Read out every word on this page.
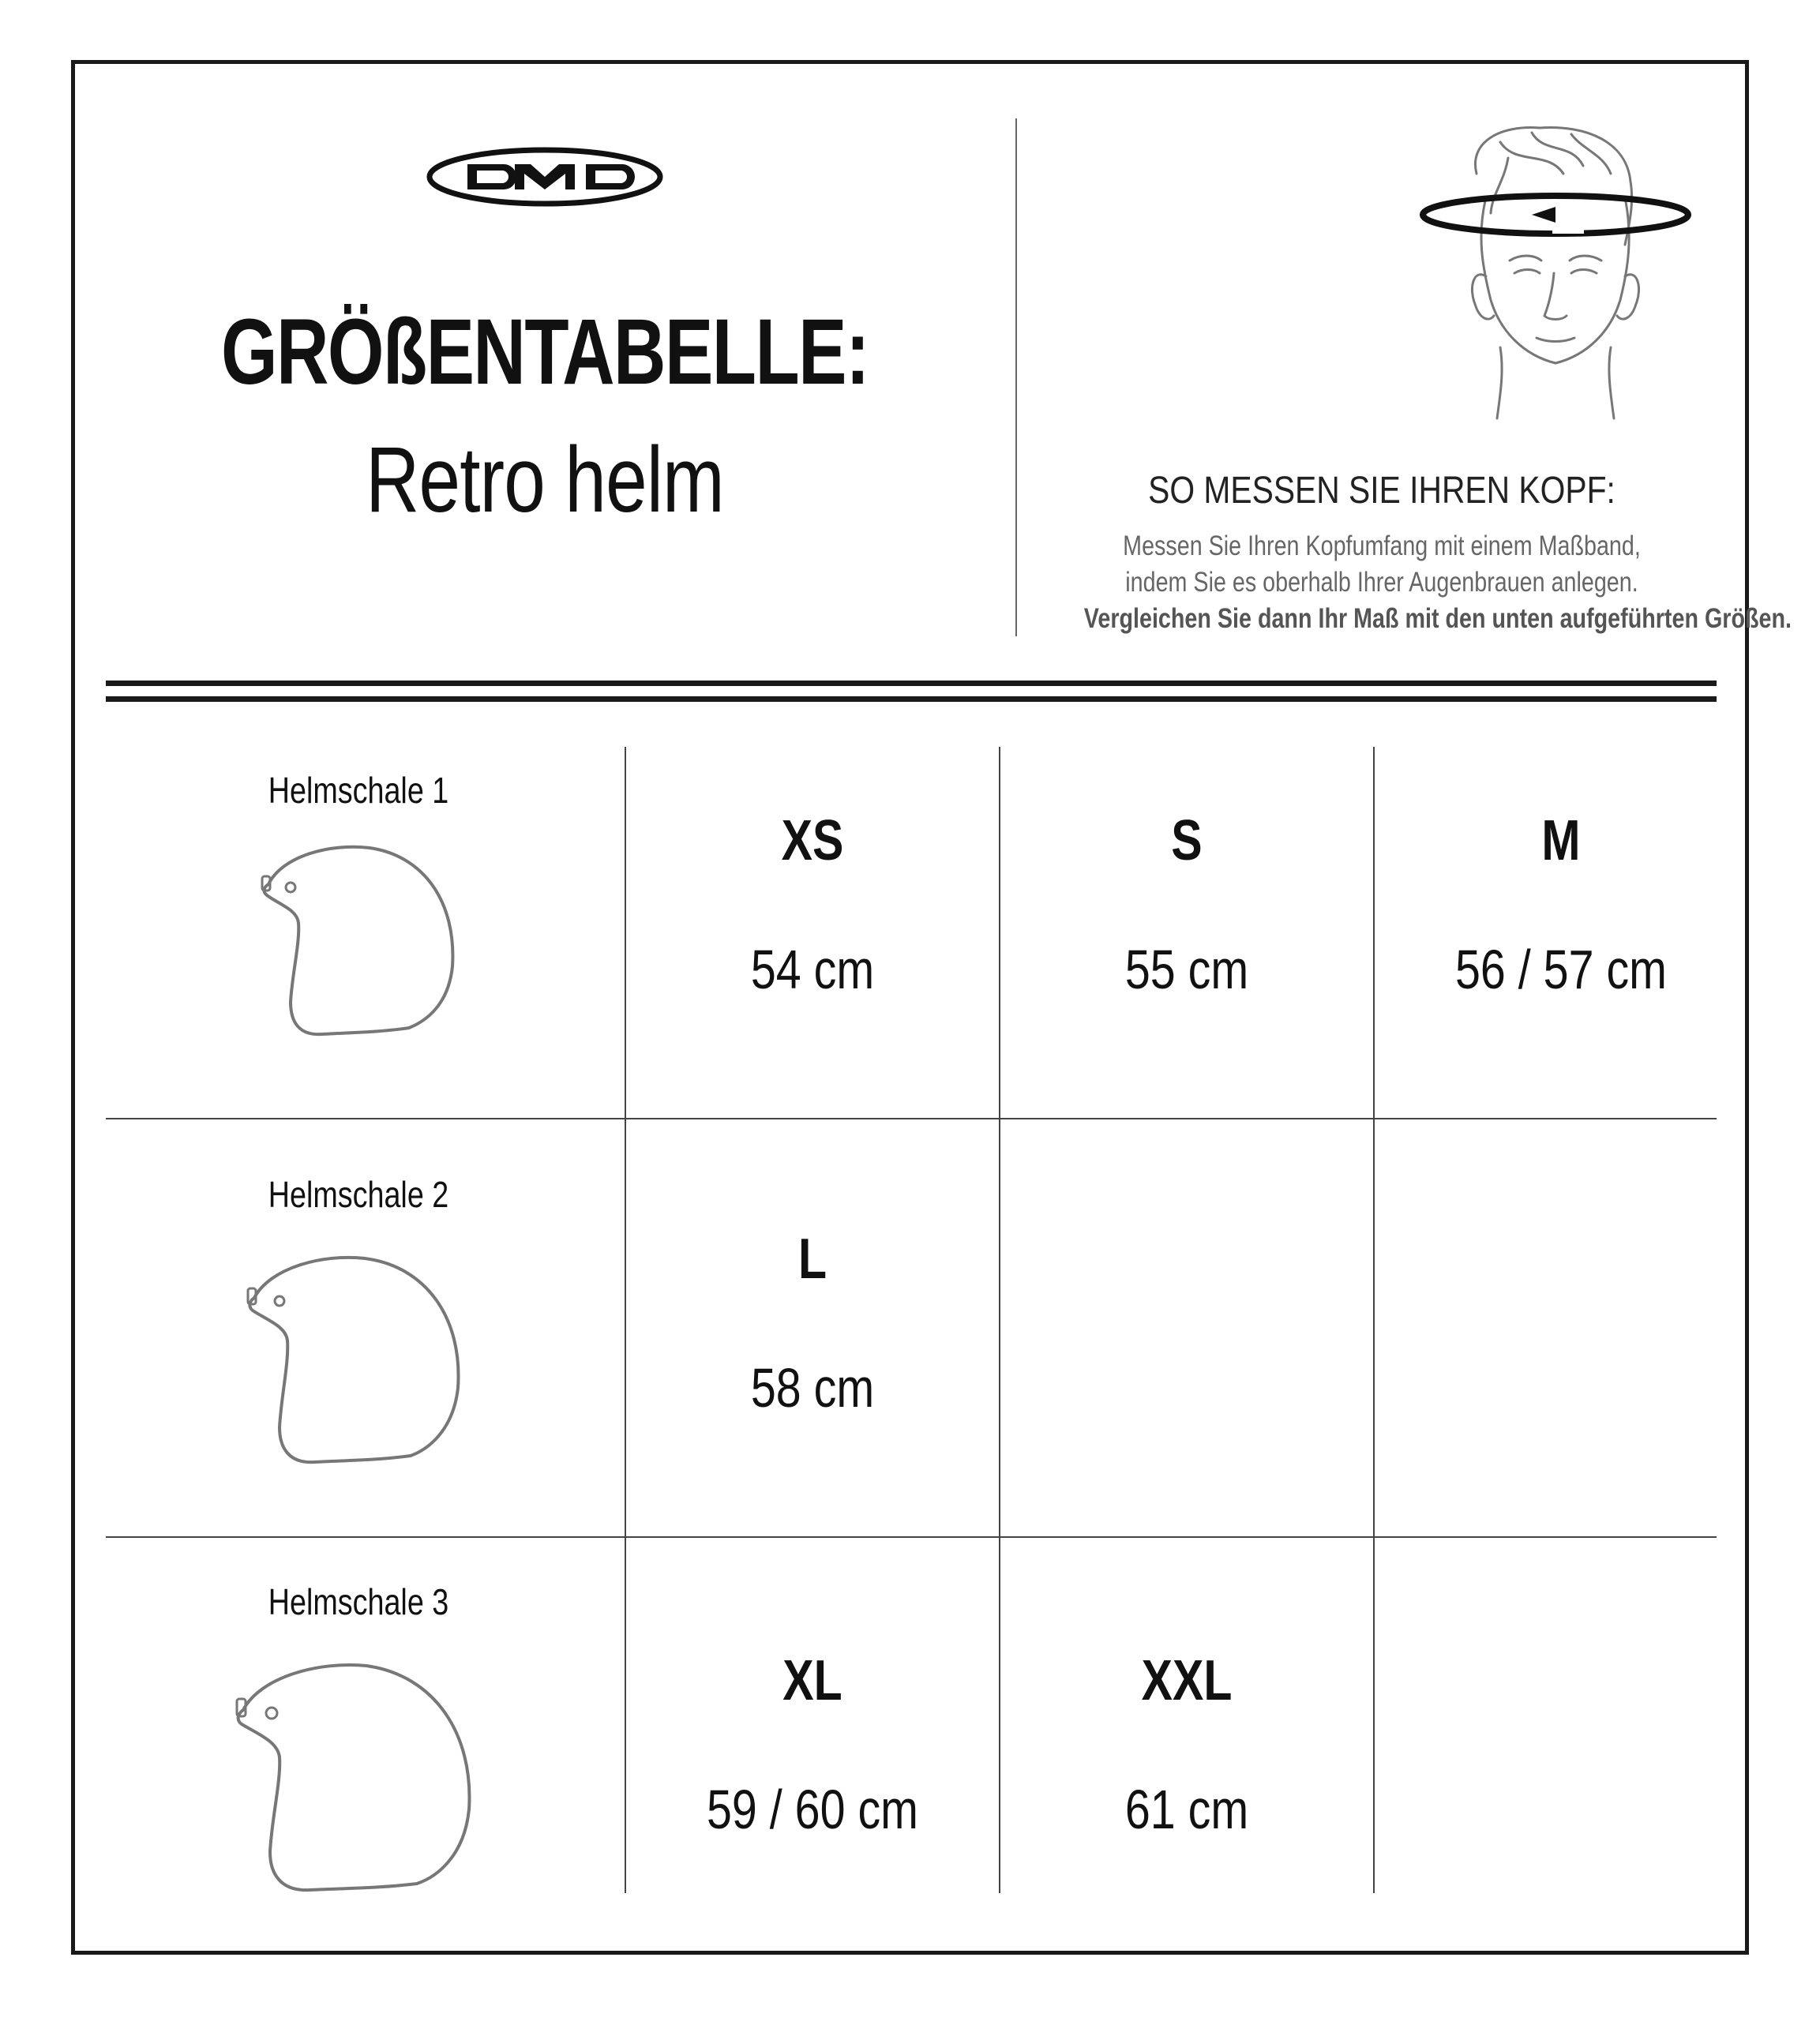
GRÖßENTABELLE:
Retro helm	SO MESSEN SIE IHREN KOPF:

Messen Sie Ihren Kopfumfang mit einem Maßband,

indem Sie es oberhalb Ihrer Augenbrauen anlegen.

Vergleichen Sie dann Ihr Maß mit den unten aufgeführten Größen.

Helmschale 1

XS

54 cm

S

55 cm

M

56 / 57 cm

Helmschale 2

L

58 cm

Helmschale 3

XL

59 / 60 cm

XXL

61 cm
